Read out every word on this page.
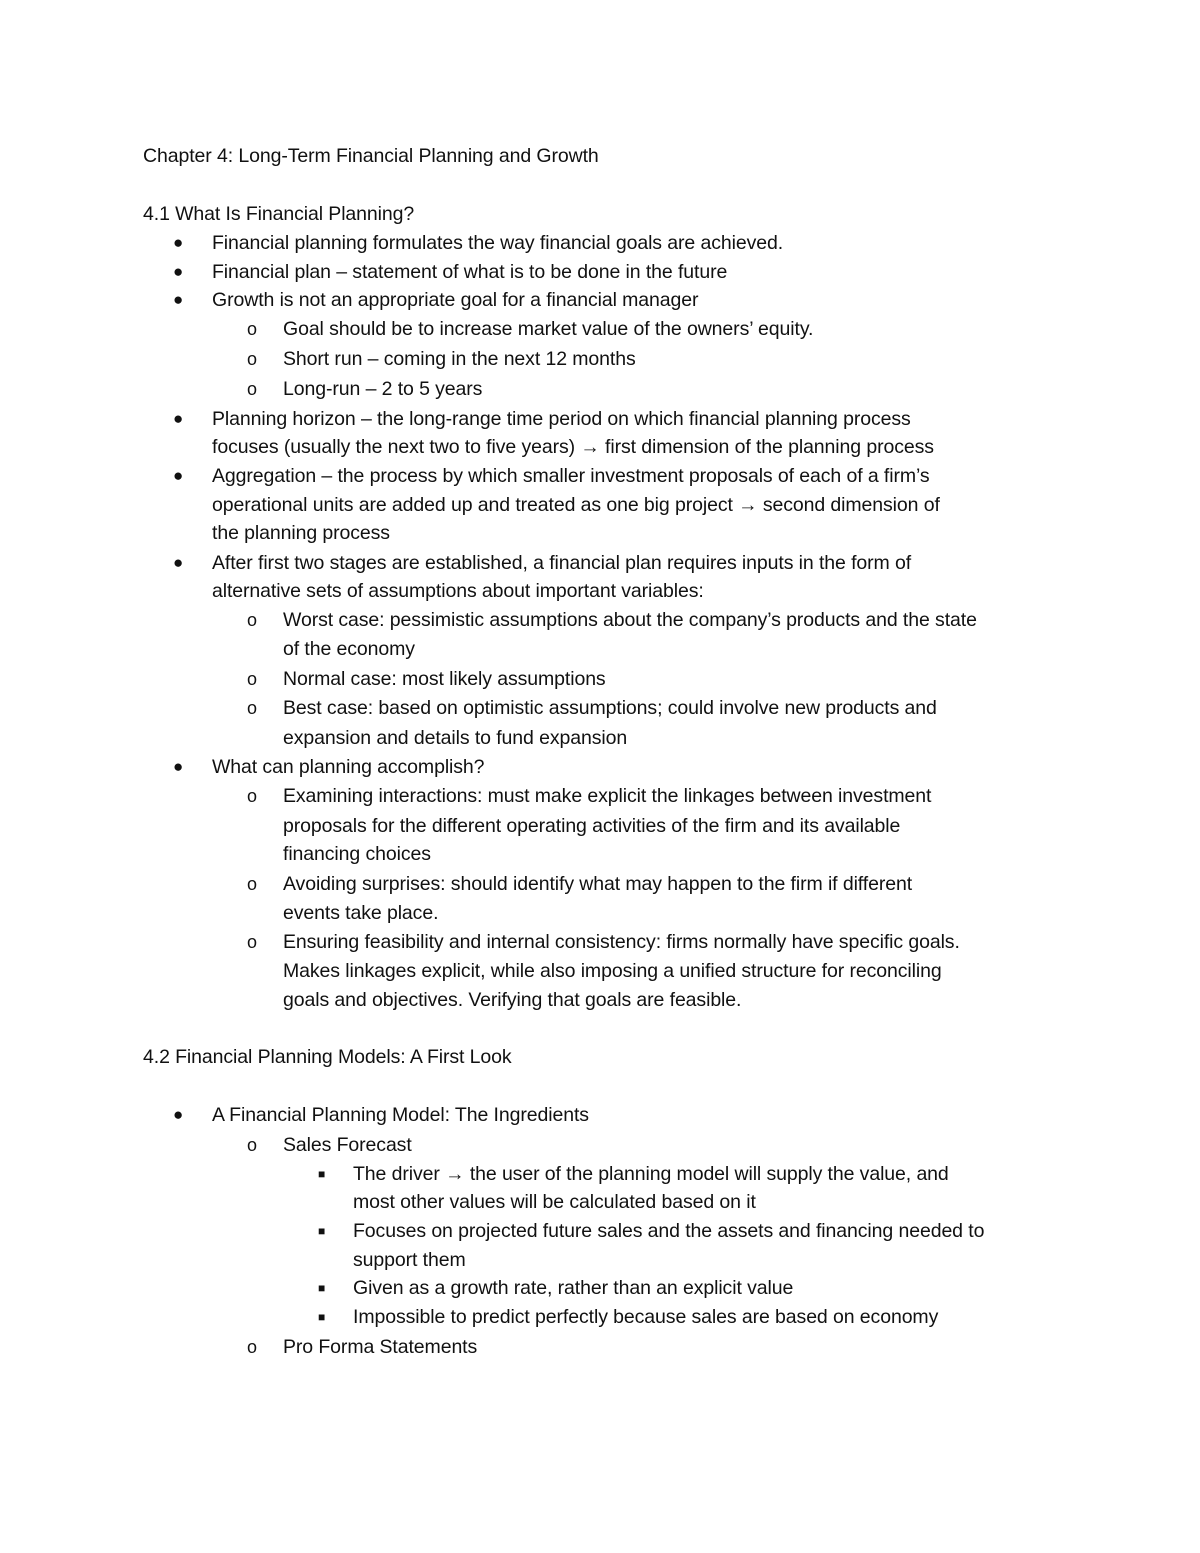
Chapter 4: Long-Term Financial Planning and Growth
4.1 What Is Financial Planning?
● Financial planning formulates the way financial goals are achieved.
● Financial plan – statement of what is to be done in the future
● Growth is not an appropriate goal for a financial manager
o Goal should be to increase market value of the owners’ equity.
o Short run – coming in the next 12 months
o Long-run – 2 to 5 years
● Planning horizon – the long-range time period on which financial planning process
focuses (usually the next two to five years) → first dimension of the planning process
● Aggregation – the process by which smaller investment proposals of each of a firm’s
operational units are added up and treated as one big project → second dimension of
the planning process
● After first two stages are established, a financial plan requires inputs in the form of
alternative sets of assumptions about important variables:
o Worst case: pessimistic assumptions about the company’s products and the state
of the economy
o Normal case: most likely assumptions
o Best case: based on optimistic assumptions; could involve new products and
expansion and details to fund expansion
● What can planning accomplish?
o Examining interactions: must make explicit the linkages between investment
proposals for the different operating activities of the firm and its available
financing choices
o Avoiding surprises: should identify what may happen to the firm if different
events take place.
o Ensuring feasibility and internal consistency: firms normally have specific goals.
Makes linkages explicit, while also imposing a unified structure for reconciling
goals and objectives. Verifying that goals are feasible.
4.2 Financial Planning Models: A First Look
● A Financial Planning Model: The Ingredients
o Sales Forecast
■ The driver → the user of the planning model will supply the value, and
most other values will be calculated based on it
■ Focuses on projected future sales and the assets and financing needed to
support them
■ Given as a growth rate, rather than an explicit value
■ Impossible to predict perfectly because sales are based on economy
o Pro Forma Statements
